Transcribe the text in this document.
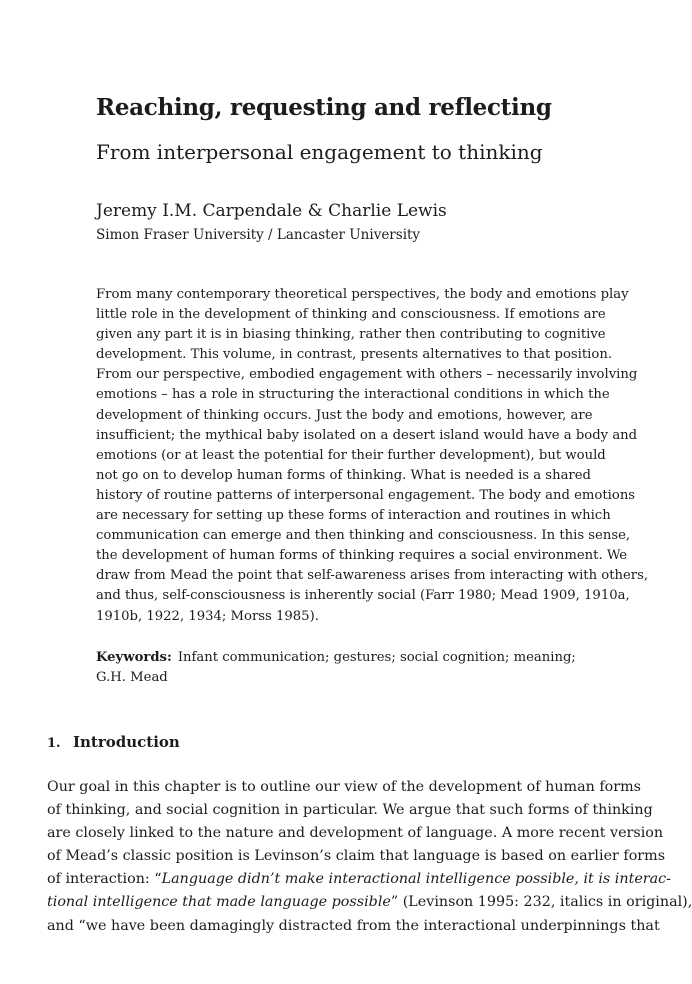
Reaching, requesting and reflecting
From interpersonal engagement to thinking
Jeremy I.M. Carpendale & Charlie Lewis
Simon Fraser University / Lancaster University
From many contemporary theoretical perspectives, the body and emotions play
little role in the development of thinking and consciousness. If emotions are
given any part it is in biasing thinking, rather then contributing to cognitive
development. This volume, in contrast, presents alternatives to that position.
From our perspective, embodied engagement with others – necessarily involving
emotions – has a role in structuring the interactional conditions in which the
development of thinking occurs. Just the body and emotions, however, are
insufficient; the mythical baby isolated on a desert island would have a body and
emotions (or at least the potential for their further development), but would
not go on to develop human forms of thinking. What is needed is a shared
history of routine patterns of interpersonal engagement. The body and emotions
are necessary for setting up these forms of interaction and routines in which
communication can emerge and then thinking and consciousness. In this sense,
the development of human forms of thinking requires a social environment. We
draw from Mead the point that self-awareness arises from interacting with others,
and thus, self-consciousness is inherently social (Farr 1980; Mead 1909, 1910a,
1910b, 1922, 1934; Morss 1985).
Keywords: Infant communication; gestures; social cognition; meaning;
G.H. Mead
1. Introduction
Our goal in this chapter is to outline our view of the development of human forms
of thinking, and social cognition in particular. We argue that such forms of thinking
are closely linked to the nature and development of language. A more recent version
of Mead’s classic position is Levinson’s claim that language is based on earlier forms
of interaction: “Language didn’t make interactional intelligence possible, it is interac-
tional intelligence that made language possible” (Levinson 1995: 232, italics in original),
and “we have been damagingly distracted from the interactional underpinnings that
